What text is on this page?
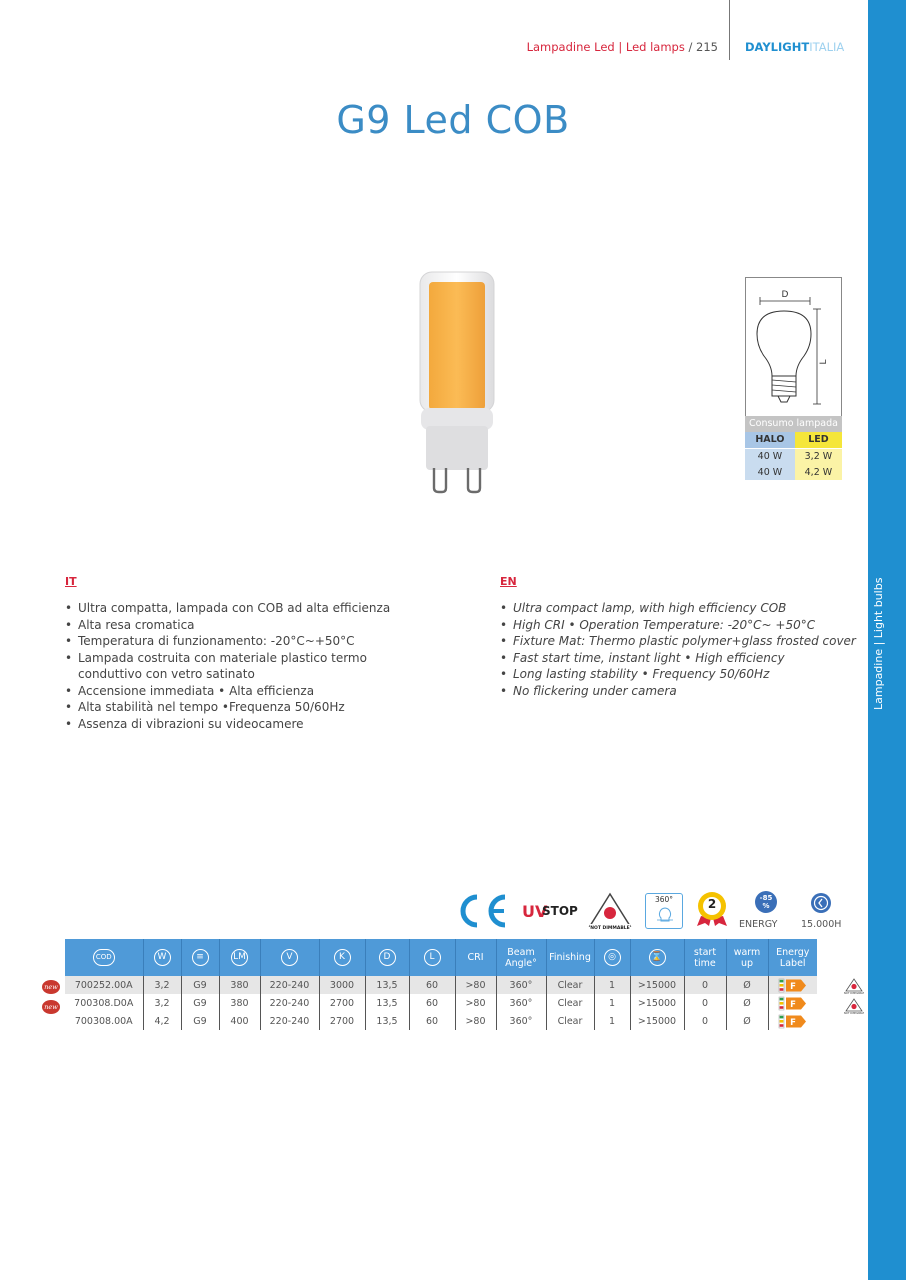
Lampadine | Light bulbs
Lampadine Led | Led lamps / 215 DAYLIGHTITALIA
G9 Led COB
D
L
Consumo lampada
HALO	LED
40 W	3,2 W
40 W	4,2 W
IT
• Ultra compatta, lampada con COB ad alta efficienza
• Alta resa cromatica
• Temperatura di funzionamento: -20°C~+50°C
• Lampada costruita con materiale plastico termo conduttivo con vetro satinato
• Accensione immediata • Alta efficienza
• Alta stabilità nel tempo •Frequenza 50/60Hz
• Assenza di vibrazioni su videocamere
EN
• Ultra compact lamp, with high efficiency COB
• High CRI • Operation Temperature: -20°C~ +50°C
• Fixture Mat: Thermo plastic polymer+glass frosted cover
• Fast start time, instant light • High efficiency
• Long lasting stability • Frequency 50/60Hz
• No flickering under camera
UV
STOP
NOT DIMMABLE
360°	2	-85 %
ENERGY 15.000H
new
new
COD	W	≡	LM	V	K	D	L	CRI	Beam Angle°	Finishing	◎	⌛	start time	warm up	Energy Label
700252.00A	3,2	G9	380	220-240	3000	13,5	60	>80	360°	Clear	1	>15000	0	Ø	F

700308.D0A	3,2	G9	380	220-240	2700	13,5	60	>80	360°	Clear	1	>15000	0	Ø	F

700308.00A	4,2	G9	400	220-240	2700	13,5	60	>80	360°	Clear	1	>15000	0	Ø	F
NOT DIMMABLE
NOT DIMMABLE
